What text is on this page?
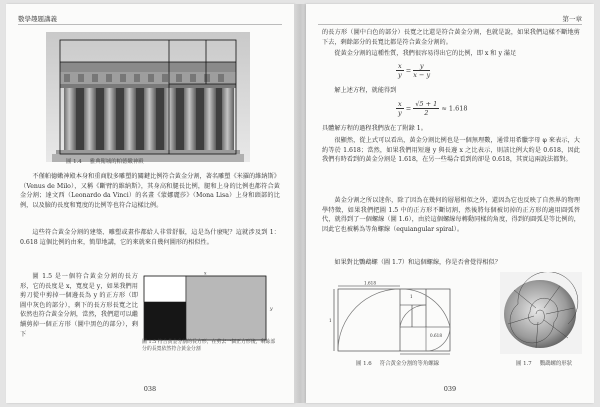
數學趣題講義
圖 1.4 雅典衛城的帕德嫩神殿

不僅帕德嫩神殿本身和重商股多雕塑的關鍵比例符合黃金分割，著名雕塑《米羅的維納斯》（Venus de Milo），又稱《斷臂的維納斯》，其身高和腿長比例，腿和上身的比例也都符合黃金分割；達文西（Leonardo da Vinci）的名畫《蒙娜麗莎》（Mona Lisa）上身和頭部的比例，以及臉的長度和寬度的比例等也符合這樣比例。

這些符合黃金分割的建築、雕塑或畫作都給人非常舒服，這是為什麼呢？這就涉及到 1：0.618 這個比例的由來，簡單地講，它的來就來自幾何圖形的相似性。

圖 1.5 是一個符合黃金分割的長方形，它的長度是 x，寬度是 y，如果我們用剪刀從中剪掉一個邊長為 y 的正方形（即圖中灰色的部分），剩下的長方形長寬之比依然也符合黃金分割，當然，我們還可以繼續剪掉一個正方形（圖中黑色的部分），剩下

x
y
圖 1.5 符合黃金分割的長方形，在剪去一個正方形後，剩餘部分的長寬依然符合黃金分割
038
第一章

的長方形（圖中白色的部分）長寬之比還是符合黃金分割，也就是說，如果我們這樣不斷地剪下去，剩餘部分的長寬比都是符合黃金分割的。

從黃金分割的這種性質，我們很容易得出它的比例，即 x 和 y 滿足

$\frac{x}{y} = \frac{y}{x - y}$

解上述方程，就能得到

$\frac{x}{y} = \frac{√5 + 1}{2} \approx 1.618$

具體解方程的過程我們放在了附錄 1。

很顯然，從上式可以看出，黃金分割比例也是一個無理數，通常用希臘字母 φ 來表示，大約等於 1.618；當然，如果我們用短邊 y 與長邊 x 之比表示，則該比例大約是 0.618，因此我們有時看到的黃金分割是 1.618，在另一些場合看到的卻是 0.618，其實這兩說法都對。

黃金分割之所以迷你，除了因為在幾何的層層相似之外，還因為它也反映了自然界的物理學特徵，如果我們把圖 1.5 中的正方形不斷切割，然後將每個被切掉的正方形的適用圓弧替代，就得到了一個螺線（圖 1.6），由於這個螺線每轉動同樣的角度，得到的圓弧是等比例的，因此它也被稱為等角螺線（equiangular spiral）。

如果對比鸚鵡螺（圖 1.7）和這個螺線，你是否會覺得相似？

1.618
1
1
0.618
圖 1.6 符合黃金分割的等角螺線	圖 1.7 鸚鵡螺的形狀
039
